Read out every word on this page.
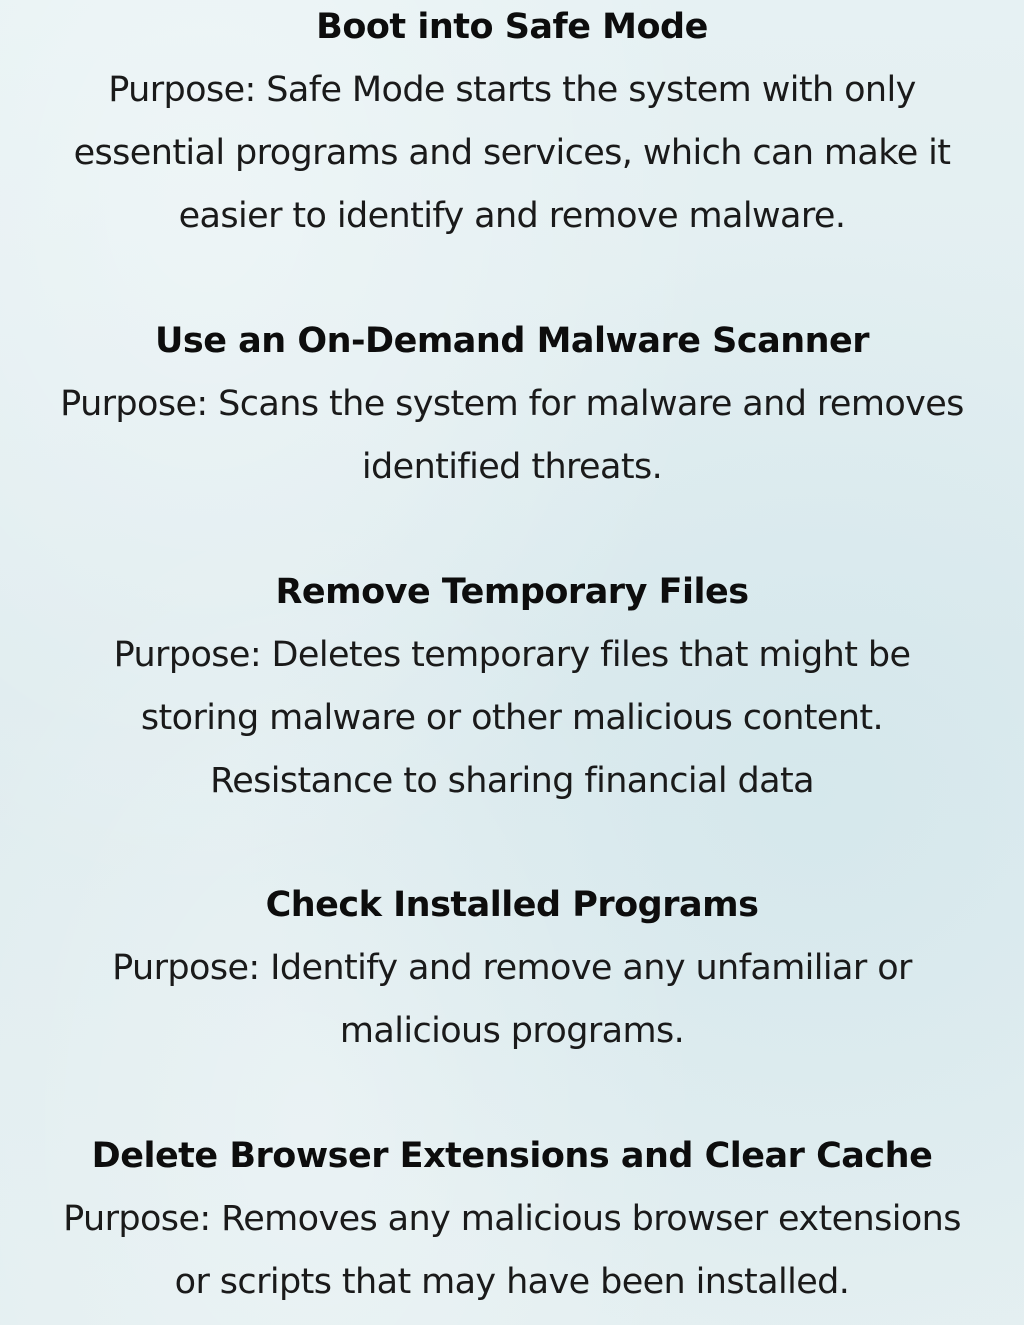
Boot into Safe Mode

Purpose: Safe Mode starts the system with only

essential programs and services, which can make it

easier to identify and remove malware.

Use an On-Demand Malware Scanner

Purpose: Scans the system for malware and removes

identified threats.

Remove Temporary Files

Purpose: Deletes temporary files that might be

storing malware or other malicious content.

Resistance to sharing financial data

Check Installed Programs

Purpose: Identify and remove any unfamiliar or

malicious programs.

Delete Browser Extensions and Clear Cache

Purpose: Removes any malicious browser extensions

or scripts that may have been installed.
